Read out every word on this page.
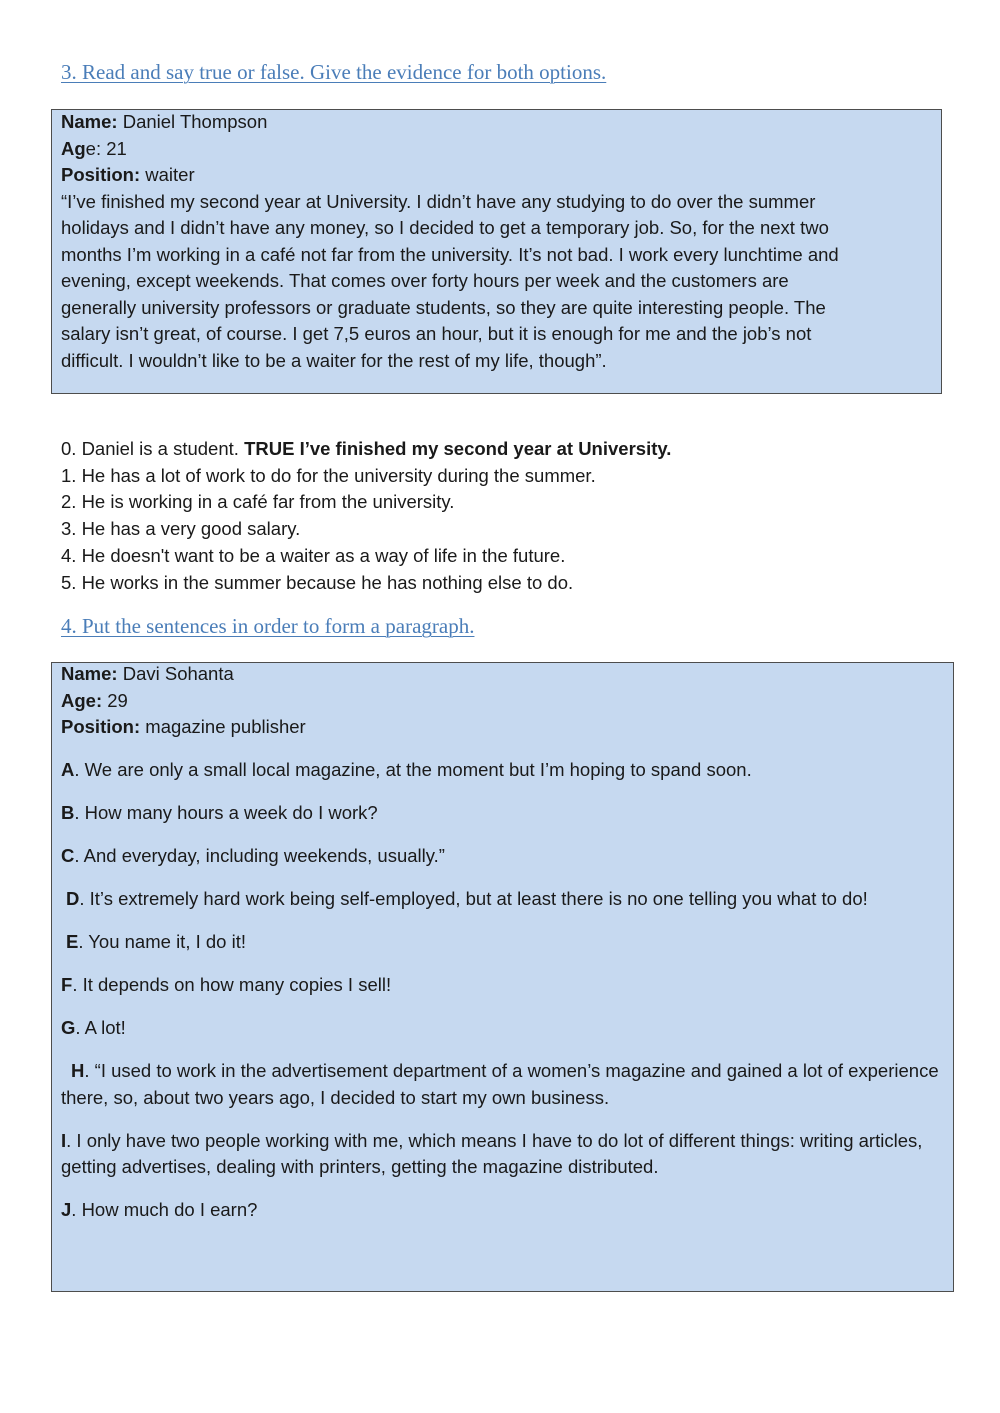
3. Read and say true or false. Give the evidence for both options.
Name: Daniel Thompson
Age: 21
Position: waiter
“I’ve finished my second year at University. I didn’t have any studying to do over the summer
holidays and I didn’t have any money, so I decided to get a temporary job. So, for the next two
months I’m working in a café not far from the university. It’s not bad. I work every lunchtime and
evening, except weekends. That comes over forty hours per week and the customers are
generally university professors or graduate students, so they are quite interesting people. The
salary isn’t great, of course. I get 7,5 euros an hour, but it is enough for me and the job’s not
difficult. I wouldn’t like to be a waiter for the rest of my life, though”.
0. Daniel is a student. TRUE I’ve finished my second year at University.
1. He has a lot of work to do for the university during the summer.
2. He is working in a café far from the university.
3. He has a very good salary.
4. He doesn't want to be a waiter as a way of life in the future.
5. He works in the summer because he has nothing else to do.
4. Put the sentences in order to form a paragraph.
Name: Davi Sohanta
Age: 29
Position: magazine publisher
A. We are only a small local magazine, at the moment but I’m hoping to spand soon.
B. How many hours a week do I work?
C. And everyday, including weekends, usually.”
D. It’s extremely hard work being self-employed, but at least there is no one telling you what to do!
E. You name it, I do it!
F. It depends on how many copies I sell!
G. A lot!
H. “I used to work in the advertisement department of a women’s magazine and gained a lot of experience there, so, about two years ago, I decided to start my own business.
I. I only have two people working with me, which means I have to do lot of different things: writing articles, getting advertises, dealing with printers, getting the magazine distributed.
J. How much do I earn?
